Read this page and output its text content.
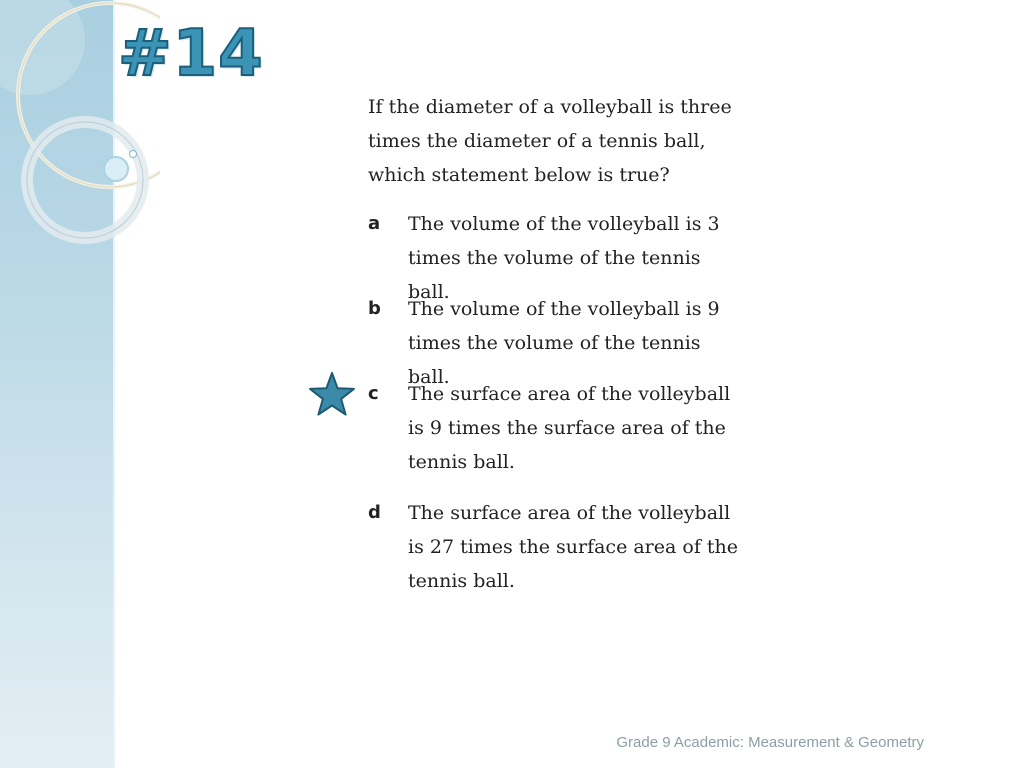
#14
If the diameter of a volleyball is three times the diameter of a tennis ball, which statement below is true?
a	The volume of the volleyball is 3 times the volume of the tennis ball.
b	The volume of the volleyball is 9 times the volume of the tennis ball.
c	The surface area of the volleyball is 9 times the surface area of the tennis ball.
d	The surface area of the volleyball is 27 times the surface area of the tennis ball.
Grade 9 Academic: Measurement & Geometry
